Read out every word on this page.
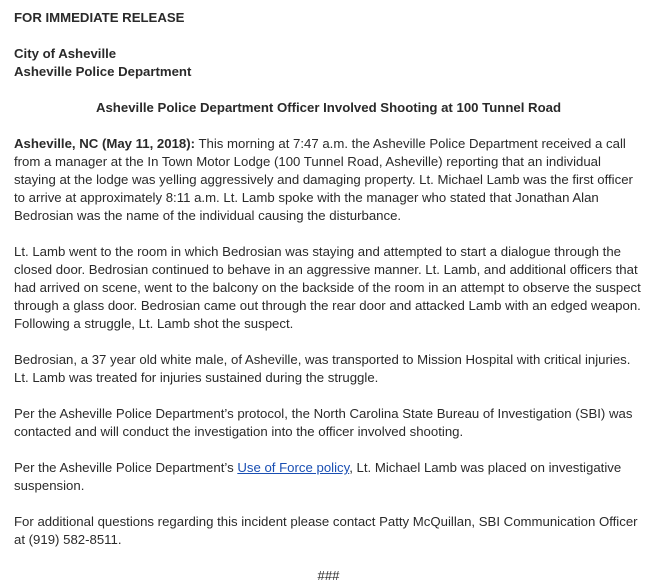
FOR IMMEDIATE RELEASE

City of Asheville

Asheville Police Department

Asheville Police Department Officer Involved Shooting at 100 Tunnel Road

Asheville, NC (May 11, 2018): This morning at 7:47 a.m. the Asheville Police Department received a call from a manager at the In Town Motor Lodge (100 Tunnel Road, Asheville) reporting that an individual staying at the lodge was yelling aggressively and damaging property. Lt. Michael Lamb was the first officer to arrive at approximately 8:11 a.m. Lt. Lamb spoke with the manager who stated that Jonathan Alan Bedrosian was the name of the individual causing the disturbance.

Lt. Lamb went to the room in which Bedrosian was staying and attempted to start a dialogue through the closed door. Bedrosian continued to behave in an aggressive manner. Lt. Lamb, and additional officers that had arrived on scene, went to the balcony on the backside of the room in an attempt to observe the suspect through a glass door. Bedrosian came out through the rear door and attacked Lamb with an edged weapon. Following a struggle, Lt. Lamb shot the suspect.

Bedrosian, a 37 year old white male, of Asheville, was transported to Mission Hospital with critical injuries. Lt. Lamb was treated for injuries sustained during the struggle.

Per the Asheville Police Department’s protocol, the North Carolina State Bureau of Investigation (SBI) was contacted and will conduct the investigation into the officer involved shooting.

Per the Asheville Police Department’s Use of Force policy, Lt. Michael Lamb was placed on investigative suspension.

For additional questions regarding this incident please contact Patty McQuillan, SBI Communication Officer at (919) 582-8511.

###
